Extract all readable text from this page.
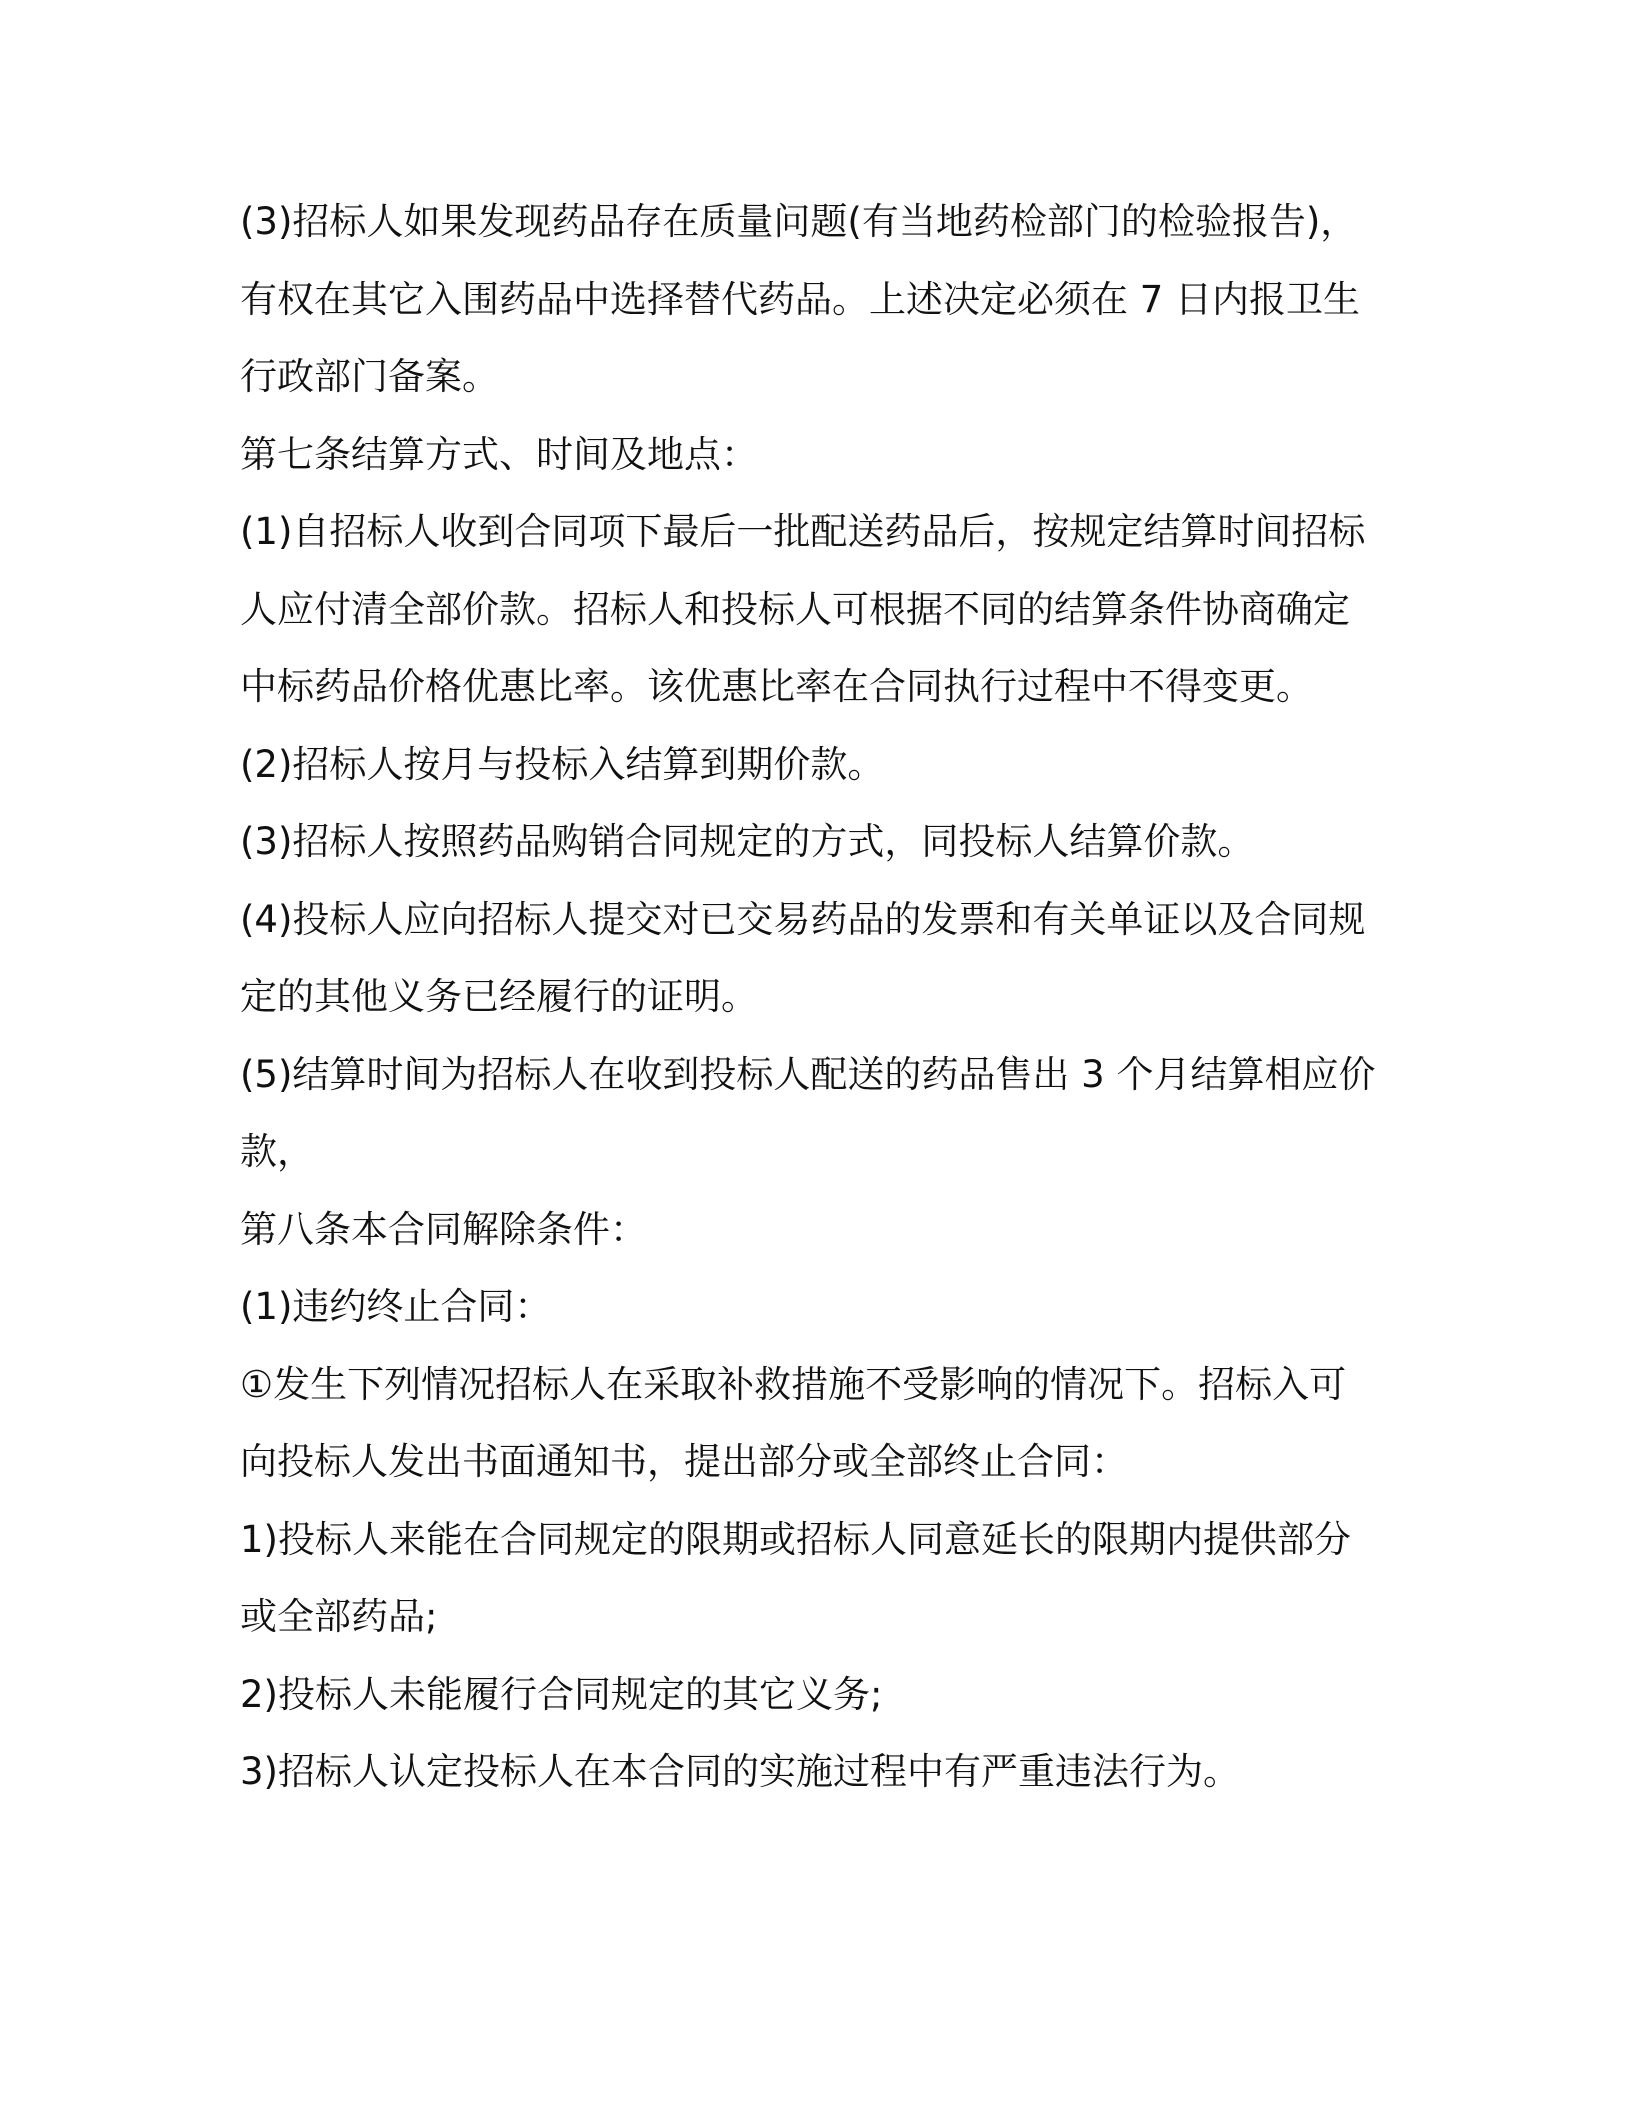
(3)招标人如果发现药品存在质量问题(有当地药检部门的检验报告)，有权在其它入围药品中选择替代药品。上述决定必须在 7 日内报卫生行政部门备案。

第七条结算方式、时间及地点：

(1)自招标人收到合同项下最后一批配送药品后，按规定结算时间招标人应付清全部价款。招标人和投标人可根据不同的结算条件协商确定中标药品价格优惠比率。该优惠比率在合同执行过程中不得变更。

(2)招标人按月与投标入结算到期价款。

(3)招标人按照药品购销合同规定的方式，同投标人结算价款。

(4)投标人应向招标人提交对已交易药品的发票和有关单证以及合同规定的其他义务已经履行的证明。

(5)结算时间为招标人在收到投标人配送的药品售出 3 个月结算相应价款，

第八条本合同解除条件：

(1)违约终止合同：

①发生下列情况招标人在采取补救措施不受影响的情况下。招标入可向投标人发出书面通知书，提出部分或全部终止合同：

1)投标人来能在合同规定的限期或招标人同意延长的限期内提供部分或全部药品;

2)投标人未能履行合同规定的其它义务;

3)招标人认定投标人在本合同的实施过程中有严重违法行为。
